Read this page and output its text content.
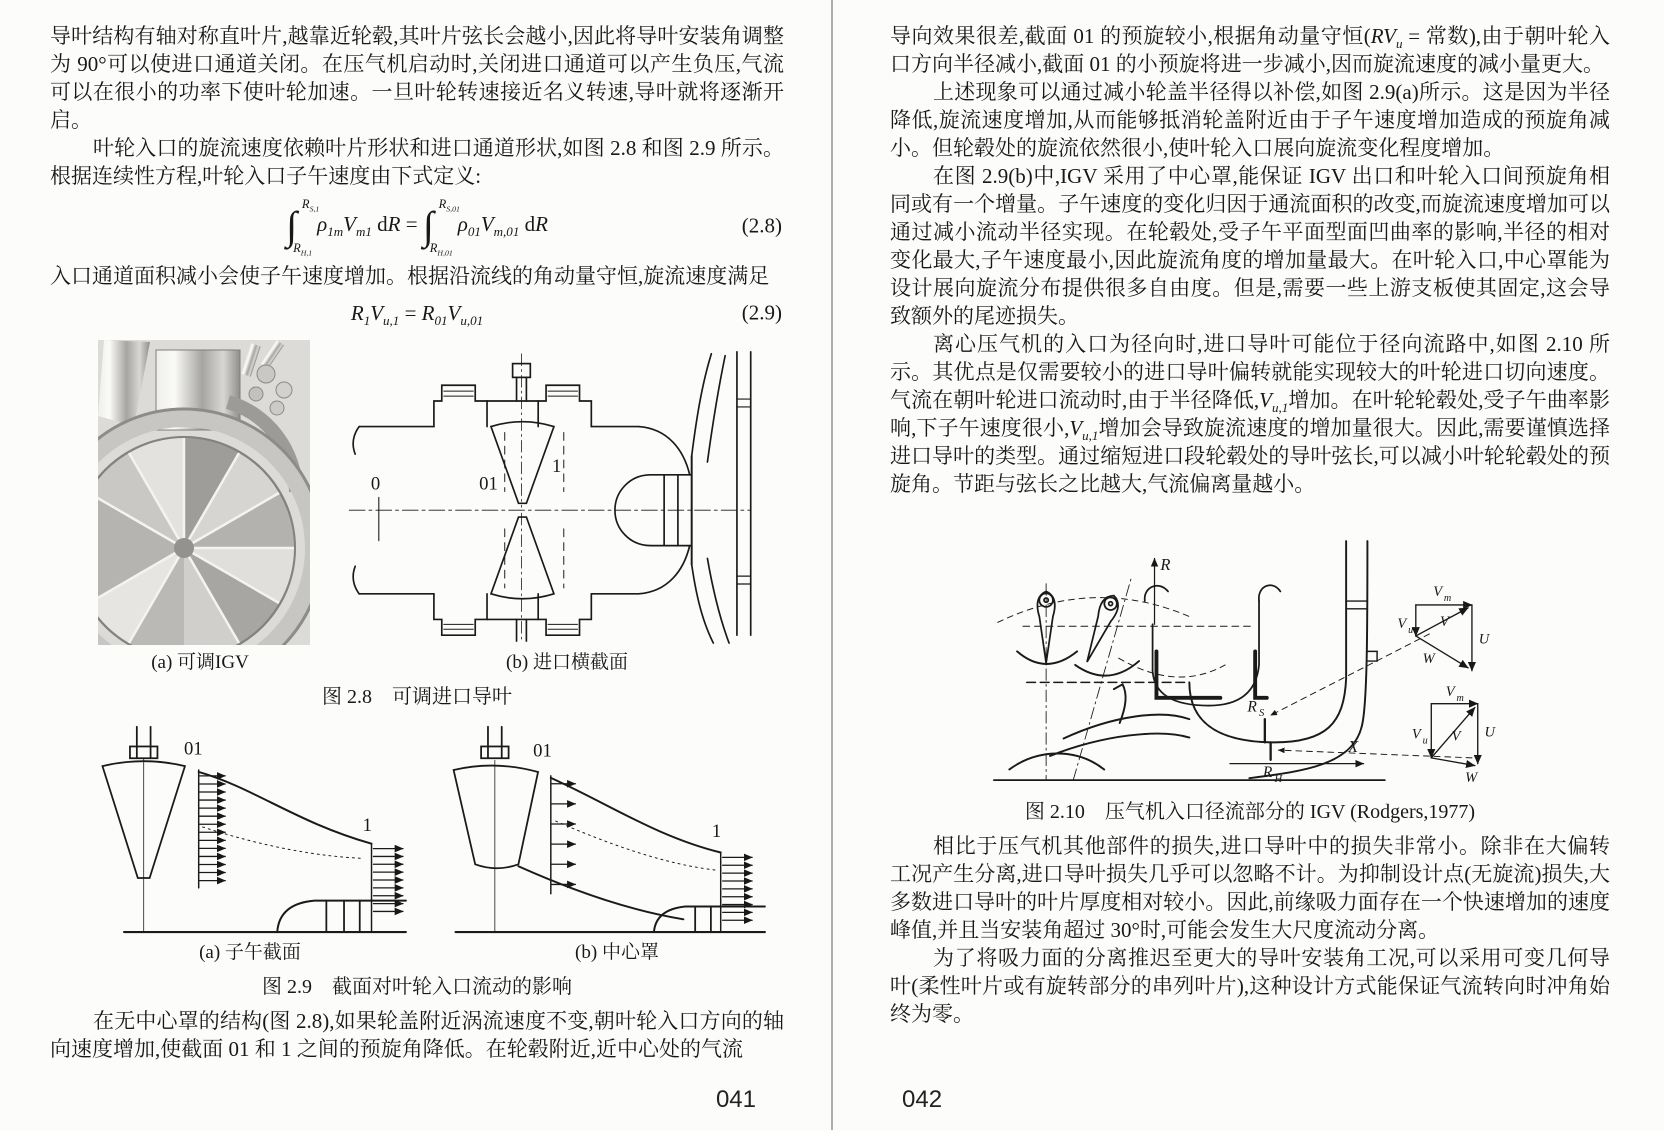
导叶结构有轴对称直叶片,越靠近轮毂,其叶片弦长会越小,因此将导叶安装角调整为 90°可以使进口通道关闭。在压气机启动时,关闭进口通道可以产生负压,气流可以在很小的功率下使叶轮加速。一旦叶轮转速接近名义转速,导叶就将逐渐开启。

叶轮入口的旋流速度依赖叶片形状和进口通道形状,如图 2.8 和图 2.9 所示。根据连续性方程,叶轮入口子午速度由下式定义:

∫ $R_{S,1}$
$R_{H,1}$
$\rho_{1m}V_{m1}$ dR = ∫ $R_{S,01}$
$R_{H,01}$
$\rho_{01}V_{m,01}$ dR	(2.8)

入口通道面积减小会使子午速度增加。根据沿流线的角动量守恒,旋流速度满足

$R_1V_{u,1} = R_{01}V_{u,01}$	(2.9)
0	01
1
(a) 可调IGV	(b) 进口横截面
图 2.8　可调进口导叶
01
1
01
1
(a) 子午截面	(b) 中心罩
图 2.9　截面对叶轮入口流动的影响

在无中心罩的结构(图 2.8),如果轮盖附近涡流速度不变,朝叶轮入口方向的轴向速度增加,使截面 01 和 1 之间的预旋角降低。在轮毂附近,近中心处的气流

041

导向效果很差,截面 01 的预旋较小,根据角动量守恒($RV_u$ = 常数),由于朝叶轮入口方向半径减小,截面 01 的小预旋将进一步减小,因而旋流速度的减小量更大。

上述现象可以通过减小轮盖半径得以补偿,如图 2.9(a)所示。这是因为半径降低,旋流速度增加,从而能够抵消轮盖附近由于子午速度增加造成的预旋角减小。但轮毂处的旋流依然很小,使叶轮入口展向旋流变化程度增加。

在图 2.9(b)中,IGV 采用了中心罩,能保证 IGV 出口和叶轮入口间预旋角相同或有一个增量。子午速度的变化归因于通流面积的改变,而旋流速度增加可以通过减小流动半径实现。在轮毂处,受子午平面型面凹曲率的影响,半径的相对变化最大,子午速度最小,因此旋流角度的增加量最大。在叶轮入口,中心罩能为设计展向旋流分布提供很多自由度。但是,需要一些上游支板使其固定,这会导致额外的尾迹损失。

离心压气机的入口为径向时,进口导叶可能位于径向流路中,如图 2.10 所示。其优点是仅需要较小的进口导叶偏转就能实现较大的叶轮进口切向速度。气流在朝叶轮进口流动时,由于半径降低$,V_{u,1}$增加。在叶轮轮毂处,受子午曲率影响,下子午速度很小$,V_{u,1}$增加会导致旋流速度的增加量很大。因此,需要谨慎选择进口导叶的类型。通过缩短进口段轮毂处的导叶弦长,可以减小叶轮轮毂处的预旋角。节距与弦长之比越大,气流偏离量越小。

R
X
R S
R H
V m
V u
V
U
W
V m
V u V U
W
图 2.10　压气机入口径流部分的 IGV (Rodgers,1977)

相比于压气机其他部件的损失,进口导叶中的损失非常小。除非在大偏转工况产生分离,进口导叶损失几乎可以忽略不计。为抑制设计点(无旋流)损失,大多数进口导叶的叶片厚度相对较小。因此,前缘吸力面存在一个快速增加的速度峰值,并且当安装角超过 30°时,可能会发生大尺度流动分离。

为了将吸力面的分离推迟至更大的导叶安装角工况,可以采用可变几何导叶(柔性叶片或有旋转部分的串列叶片),这种设计方式能保证气流转向时冲角始终为零。

042
